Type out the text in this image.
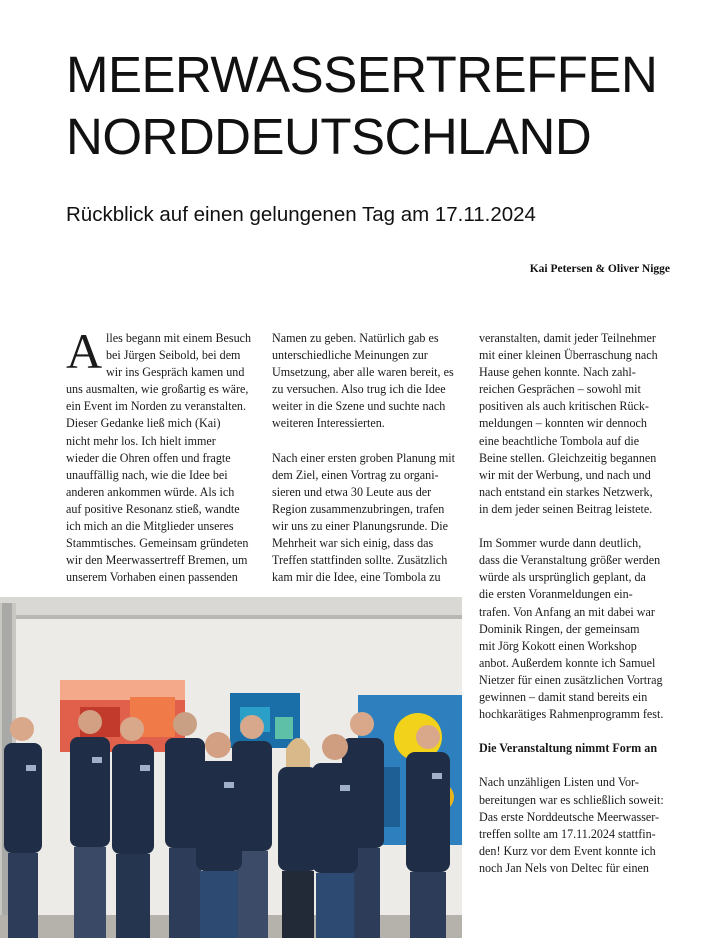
MEERWASSERTREFFEN
NORDDEUTSCHLAND
Rückblick auf einen gelungenen Tag am 17.11.2024
Kai Petersen & Oliver Nigge
A lles begann mit einem Besuch

bei Jürgen Seibold, bei dem

wir ins Gespräch kamen und

uns ausmalten, wie großartig es wäre,

ein Event im Norden zu veranstalten.

Dieser Gedanke ließ mich (Kai)

nicht mehr los. Ich hielt immer

wieder die Ohren offen und fragte

unauffällig nach, wie die Idee bei

anderen ankommen würde. Als ich

auf positive Resonanz stieß, wandte

ich mich an die Mitglieder unseres

Stammtisches. Gemeinsam gründeten

wir den Meerwassertreff Bremen, um

unserem Vorhaben einen passenden

Namen zu geben. Natürlich gab es

unterschiedliche Meinungen zur

Umsetzung, aber alle waren bereit, es

zu versuchen. Also trug ich die Idee

weiter in die Szene und suchte nach

weiteren Interessierten.

Nach einer ersten groben Planung mit

dem Ziel, einen Vortrag zu organi-

sieren und etwa 30 Leute aus der

Region zusammenzubringen, trafen

wir uns zu einer Planungsrunde. Die

Mehrheit war sich einig, dass das

Treffen stattfinden sollte. Zusätzlich

kam mir die Idee, eine Tombola zu

veranstalten, damit jeder Teilnehmer

mit einer kleinen Überraschung nach

Hause gehen konnte. Nach zahl-

reichen Gesprächen – sowohl mit

positiven als auch kritischen Rück-

meldungen – konnten wir dennoch

eine beachtliche Tombola auf die

Beine stellen. Gleichzeitig begannen

wir mit der Werbung, und nach und

nach entstand ein starkes Netzwerk,

in dem jeder seinen Beitrag leistete.

Im Sommer wurde dann deutlich,

dass die Veranstaltung größer werden

würde als ursprünglich geplant, da

die ersten Voranmeldungen ein-

trafen. Von Anfang an mit dabei war

Dominik Ringen, der gemeinsam

mit Jörg Kokott einen Workshop

anbot. Außerdem konnte ich Samuel

Nietzer für einen zusätzlichen Vortrag

gewinnen – damit stand bereits ein

hochkarätiges Rahmenprogramm fest.

Die Veranstaltung nimmt Form an

Nach unzähligen Listen und Vor-

bereitungen war es schließlich soweit:

Das erste Norddeutsche Meerwasser-

treffen sollte am 17.11.2024 stattfin-

den! Kurz vor dem Event konnte ich

noch Jan Nels von Deltec für einen
